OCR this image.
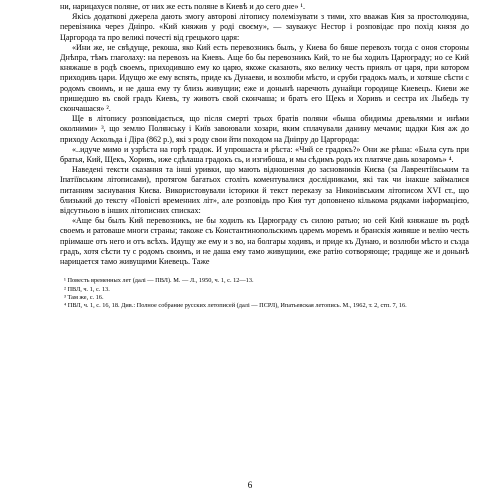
ни, нарицахуся поляне, от них же есть поляне в Киевѣ и до сего дне» ¹.

Якісь додаткові джерела дають змогу авторові літопису полемізувати з тими, хто вважав Кия за простолюдина, перевізника через Дніпро. «Кий княжив у роді своєму», — зауважує Нестор і розповідає про похід князя до Царгорода та про великі почесті від грецького царя:

«Ини же, не свѣдуще, рекоша, яко Кий есть перевозникъ былъ, у Киева бо бяше перевозъ тогда с оноя стороны Днѣпра, тѣмъ глаголаху: на перевозъ на Киевъ. Аще бо бы перевозникъ Кий, то не бы ходилъ Царюграду; но се Кий княжаше в родѣ своемъ, приходившю ему ко царю, якоже сказають, яко велику честь приялъ от царя, при котором приходивъ цари. Идущю же ему вспять, приде къ Дунаеви, и возлюби мѣсто, и сруби градокъ малъ, и хотяше сѣсти с родомъ своимъ, и не даша ему ту близь живущии; еже и донынѣ наречють дунайци городище Киевецъ. Киеви же пришедшю въ свой градъ Киевъ, ту животъ свой скончаша; и братъ его Щекъ и Хоривъ и сестра их Лыбедь ту скончашася» ².

Ще в літопису розповідається, що після смерті трьох братів поляни «быша обидимы древьлями и инѣми околними» ³, що землю Полянську і Київ завоювали хозари, яким сплачували данину мечами; щадки Кия аж до приходу Аскольда і Діра (862 р.), які з роду свои йти походом на Дніпру до Царгорода:

«..идуче мимо и узрѣста на горѣ градок. И упрошаста и рѣста: «Чий се градокъ?» Они же рѣша: «Была суть при братья, Кий, Щекъ, Хоривъ, иже сдѣлаша градокъ сь, и изгибоша, и мы сѣдимъ родъ их платяче дань козаромъ» ⁴.

Наведені тексти сказання та інші уривки, що мають відношення до засновників Києва (за Лаврентіївським та Іпатіївським літописами), протягом багатьох століть коментувалися дослідниками, які так чи інакше займалися питанням заснування Києва. Використовували історики й текст переказу за Никонівським літописом XVI ст., що близький до тексту «Повісті временних літ», але розповідь про Кия тут доповнено кількома рядками інформацією, відсутньою в інших літописних списках:

«Аще бы былъ Кий перевозникъ, не бы ходилъ къ Царюграду съ силою ратью; но сей Кий княжаше въ родѣ своемъ и ратоваше многи страны; такоже съ Константинопольскимъ царемъ моремъ и бранскія живяше и велію честь прiимаше отъ него и отъ всѣхъ. Идущу же ему и з во, на болгары ходивъ, и приде къ Дунаю, и возлюби мѣсто и създа градъ, хотя сѣсти ту с родомъ своимъ, и не даша ему тамо живущиии, еже ратію сотворяюще; градище же и донынѣ нарицается тамо живущими Киевецъ. Таже

¹ Повесть временных лет (далі — ПВЛ). М. — Л., 1950, ч. 1, с. 12—13.

² ПВЛ, ч. 1, с. 13.

³ Там же, с. 16.

⁴ ПВЛ, ч. 1, с. 16, 18. Див.: Полное собрание русских летописей (далі — ПСРЛ), Ипатьевская летопись. М., 1962, т. 2, стп. 7, 16.

6
